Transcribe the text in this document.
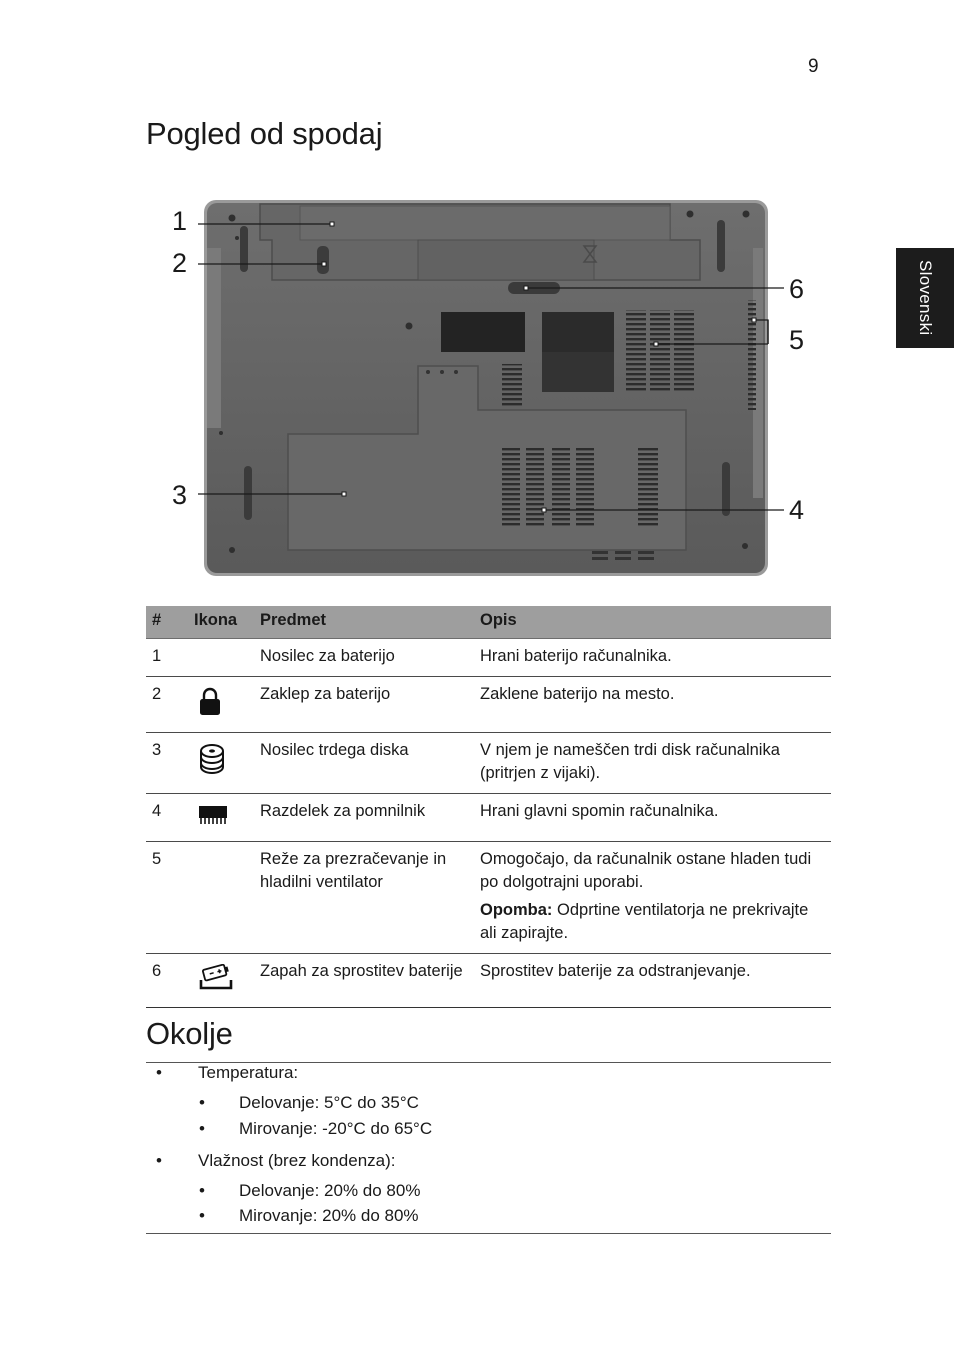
9
Slovenski
Pogled od spodaj
1
2
3	4
5
6
#	Ikona	Predmet	Opis
1		Nosilec za baterijo	Hrani baterijo računalnika.
2		Zaklep za baterijo	Zaklene baterijo na mesto.
3		Nosilec trdega diska	V njem je nameščen trdi disk računalnika (pritrjen z vijaki).
4		Razdelek za pomnilnik	Hrani glavni spomin računalnika.
5		Reže za prezračevanje in hladilni ventilator	Omogočajo, da računalnik ostane hladen tudi po dolgotrajni uporabi.

Opomba: Odprtine ventilatorja ne prekrivajte ali zapirajte.

6		Zapah za sprostitev baterije	Sprostitev baterije za odstranjevanje.
Okolje
• Temperatura:
• Delovanje: 5°C do 35°C
• Mirovanje: -20°C do 65°C
• Vlažnost (brez kondenza):
• Delovanje: 20% do 80%
• Mirovanje: 20% do 80%
